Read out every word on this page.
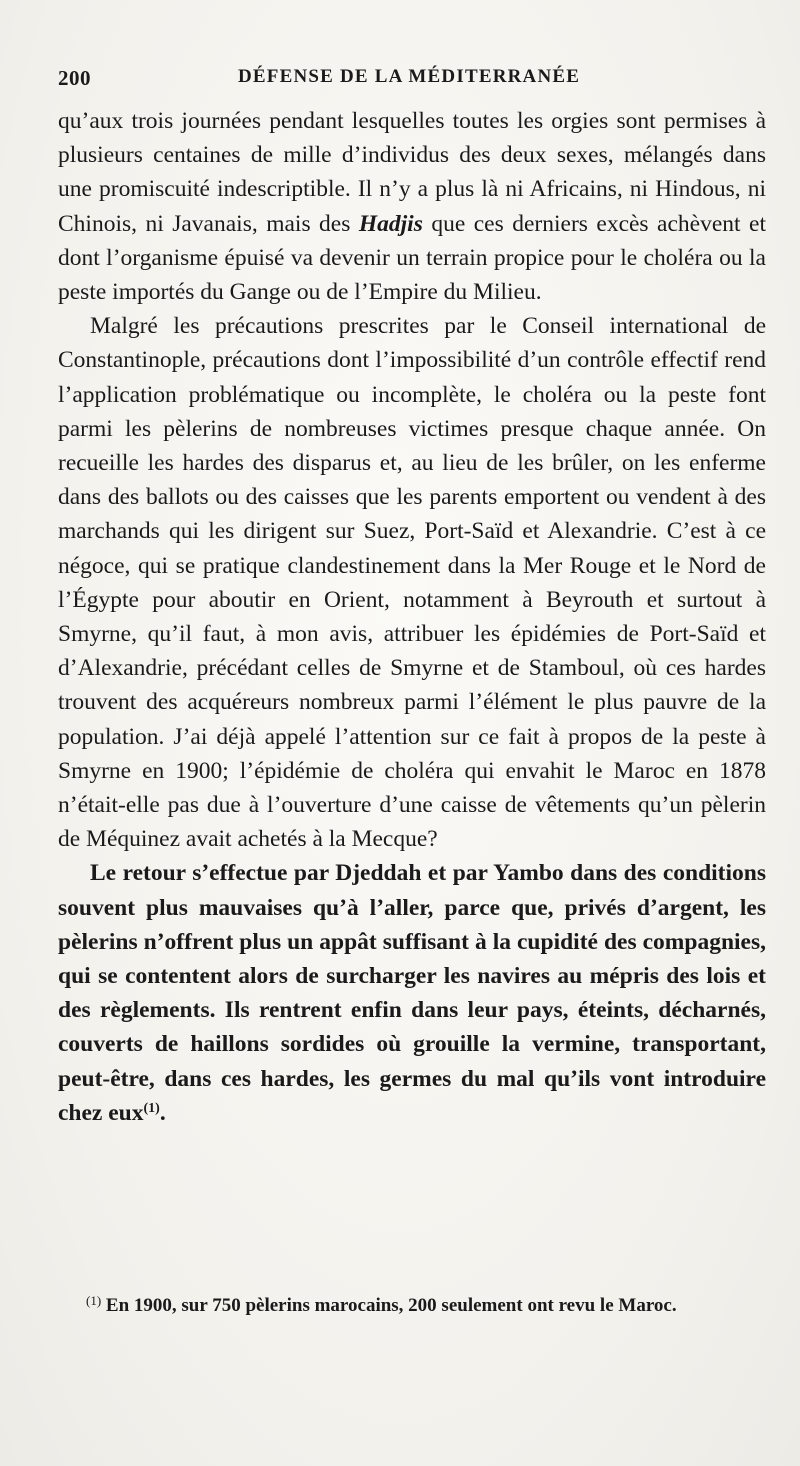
200	DÉFENSE DE LA MÉDITERRANÉE

qu’aux trois journées pendant lesquelles toutes les orgies sont permises à plusieurs centaines de mille d’individus des deux sexes, mélangés dans une promiscuité indescriptible. Il n’y a plus là ni Africains, ni Hindous, ni Chinois, ni Javanais, mais des Hadjis que ces derniers excès achèvent et dont l’organisme épuisé va devenir un terrain propice pour le choléra ou la peste importés du Gange ou de l’Empire du Milieu.

Malgré les précautions prescrites par le Conseil international de Constantinople, précautions dont l’impossibilité d’un contrôle effectif rend l’application problématique ou incomplète, le choléra ou la peste font parmi les pèlerins de nombreuses victimes presque chaque année. On recueille les hardes des disparus et, au lieu de les brûler, on les enferme dans des ballots ou des caisses que les parents emportent ou vendent à des marchands qui les dirigent sur Suez, Port-Saïd et Alexandrie. C’est à ce négoce, qui se pratique clandestinement dans la Mer Rouge et le Nord de l’Égypte pour aboutir en Orient, notamment à Beyrouth et surtout à Smyrne, qu’il faut, à mon avis, attribuer les épidémies de Port-Saïd et d’Alexandrie, précédant celles de Smyrne et de Stamboul, où ces hardes trouvent des acquéreurs nombreux parmi l’élément le plus pauvre de la population. J’ai déjà appelé l’attention sur ce fait à propos de la peste à Smyrne en 1900; l’épidémie de choléra qui envahit le Maroc en 1878 n’était-elle pas due à l’ouverture d’une caisse de vêtements qu’un pèlerin de Méquinez avait achetés à la Mecque?

Le retour s’effectue par Djeddah et par Yambo dans des conditions souvent plus mauvaises qu’à l’aller, parce que, privés d’argent, les pèlerins n’offrent plus un appât suffisant à la cupidité des compagnies, qui se contentent alors de surcharger les navires au mépris des lois et des règlements. Ils rentrent enfin dans leur pays, éteints, décharnés, couverts de haillons sordides où grouille la vermine, transportant, peut-être, dans ces hardes, les germes du mal qu’ils vont introduire chez eux$^{(1)}$.

$^{(1)}$ En 1900, sur 750 pèlerins marocains, 200 seulement ont revu le Maroc.
